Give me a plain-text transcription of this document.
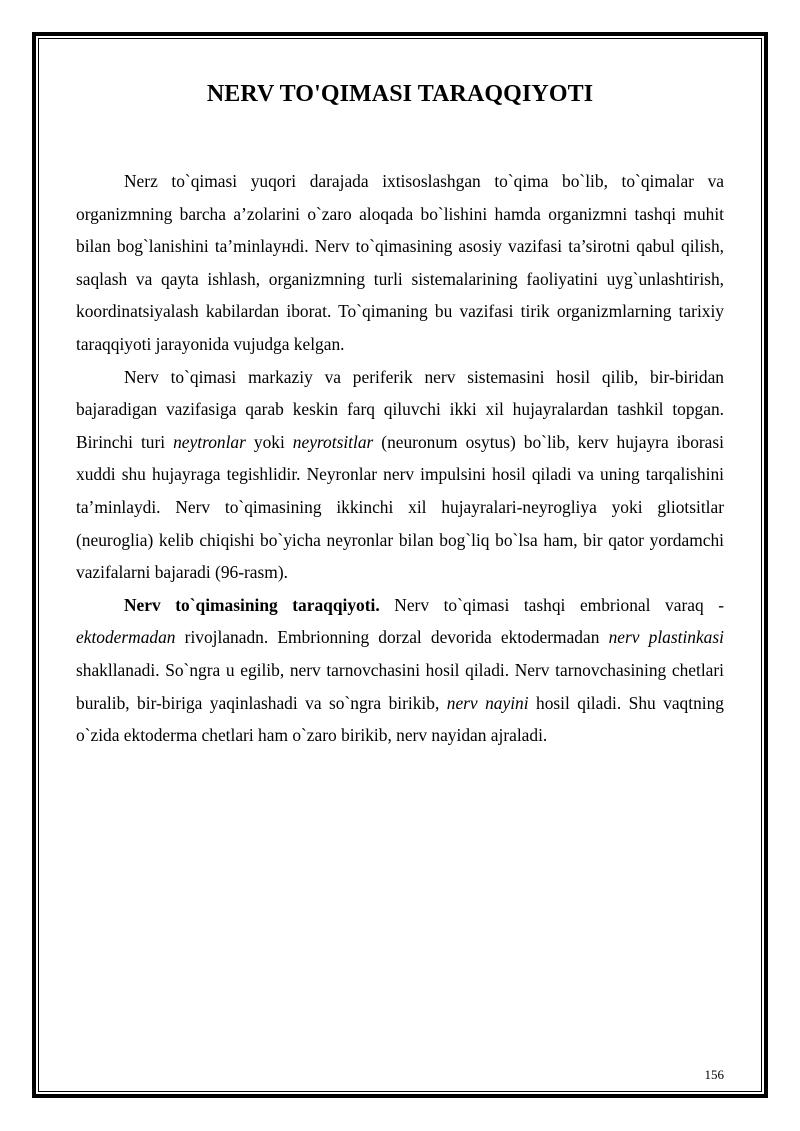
NERV TO'QIMASI TARAQQIYOTI

Nerz to`qimasi yuqori darajada ixtisoslashgan to`qima bo`lib, to`qimalar va organizmning barcha a’zolarini o`zaro aloqada bo`lishini hamda organizmni tashqi muhit bilan bog`lanishini ta’minlayнdi. Nerv to`qimasining asosiy vazifasi ta’sirotni qabul qilish, saqlash va qayta ishlash, organizmning turli sistemalarining faoliyatini uyg`unlashtirish, koordinatsiyalash kabilardan iborat. To`qimaning bu vazifasi tirik organizmlarning tarixiy taraqqiyoti jarayonida vujudga kelgan.

Nerv to`qimasi markaziy va periferik nerv sistemasini hosil qilib, bir-biridan bajaradigan vazifasiga qarab keskin farq qiluvchi ikki xil hujayralardan tashkil topgan. Birinchi turi neytronlar yoki neyrotsitlar (neuronum osytus) bo`lib, kerv hujayra iborasi xuddi shu hujayraga tegishlidir. Neyronlar nerv impulsini hosil qiladi va uning tarqalishini ta’minlaydi. Nerv to`qimasining ikkinchi xil hujayralari-neyrogliya yoki gliotsitlar (neuroglia) kelib chiqishi bo`yicha neyronlar bilan bog`liq bo`lsa ham, bir qator yordamchi vazifalarni bajaradi (96-rasm).

Nerv to`qimasining taraqqiyoti. Nerv to`qimasi tashqi embrional varaq - ektodermadan rivojlanadn. Embrionning dorzal devorida ektodermadan nerv plastinkasi shakllanadi. So`ngra u egilib, nerv tarnovchasini hosil qiladi. Nerv tarnovchasining chetlari buralib, bir-biriga yaqinlashadi va so`ngra birikib, nerv nayini hosil qiladi. Shu vaqtning o`zida ektoderma chetlari ham o`zaro birikib, nerv nayidan ajraladi.

156
